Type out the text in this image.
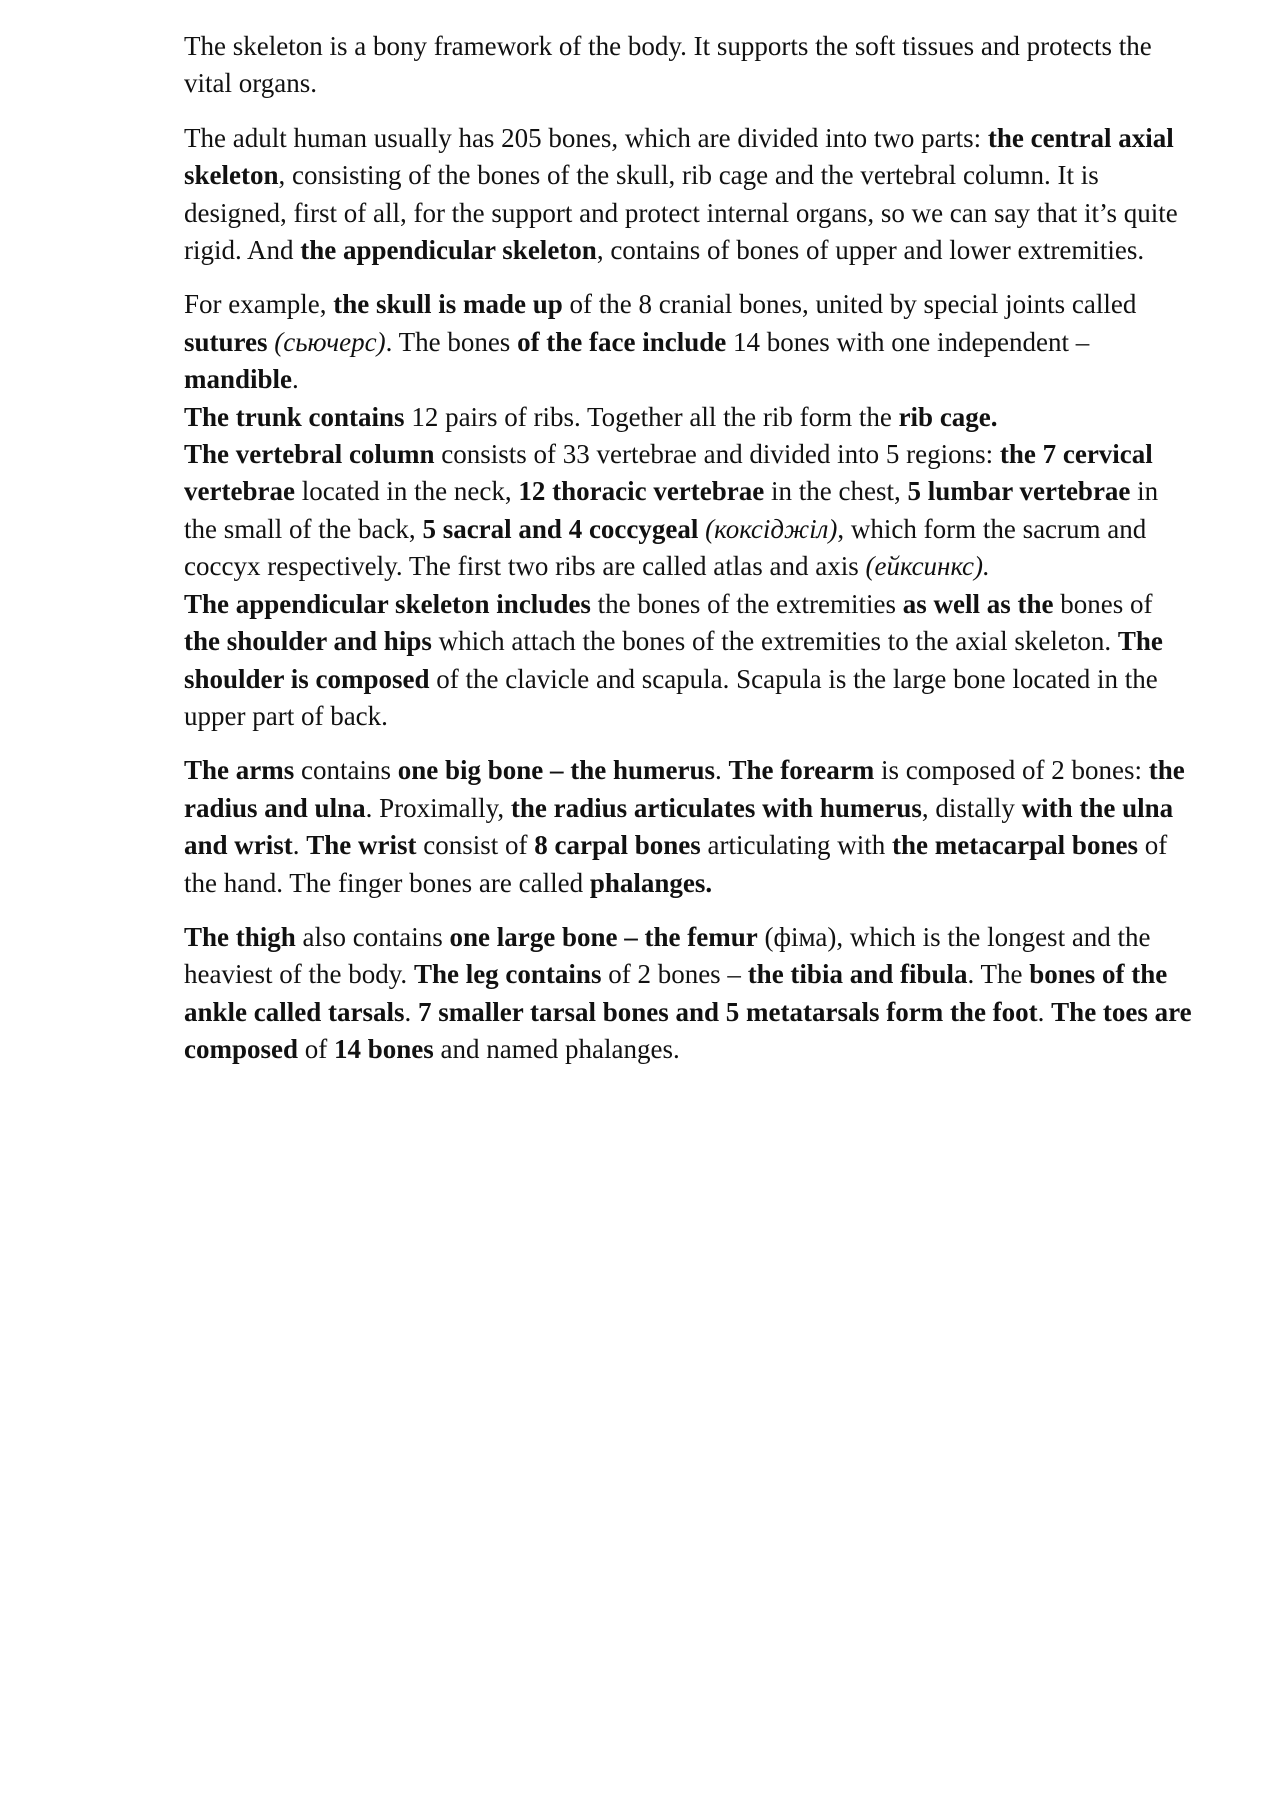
The skeleton is a bony framework of the body. It supports the soft tissues and protects the vital organs.

The adult human usually has 205 bones, which are divided into two parts: the central axial skeleton, consisting of the bones of the skull, rib cage and the vertebral column. It is designed, first of all, for the support and protect internal organs, so we can say that it’s quite rigid. And the appendicular skeleton, contains of bones of upper and lower extremities.

For example, the skull is made up of the 8 cranial bones, united by special joints called sutures (сьючерс). The bones of the face include 14 bones with one independent – mandible.

The trunk contains 12 pairs of ribs. Together all the rib form the rib cage.

The vertebral column consists of 33 vertebrae and divided into 5 regions: the 7 cervical vertebrae located in the neck, 12 thoracic vertebrae in the chest, 5 lumbar vertebrae in the small of the back, 5 sacral and 4 coccygeal (коксіджіл), which form the sacrum and coccyx respectively. The first two ribs are called atlas and axis (ейксинкс).

The appendicular skeleton includes the bones of the extremities as well as the bones of the shoulder and hips which attach the bones of the extremities to the axial skeleton. The shoulder is composed of the clavicle and scapula. Scapula is the large bone located in the upper part of back.

The arms contains one big bone – the humerus. The forearm is composed of 2 bones: the radius and ulna. Proximally, the radius articulates with humerus, distally with the ulna and wrist. The wrist consist of 8 carpal bones articulating with the metacarpal bones of the hand. The finger bones are called phalanges.

The thigh also contains one large bone – the femur (фіма), which is the longest and the heaviest of the body. The leg contains of 2 bones – the tibia and fibula. The bones of the ankle called tarsals. 7 smaller tarsal bones and 5 metatarsals form the foot. The toes are composed of 14 bones and named phalanges.
